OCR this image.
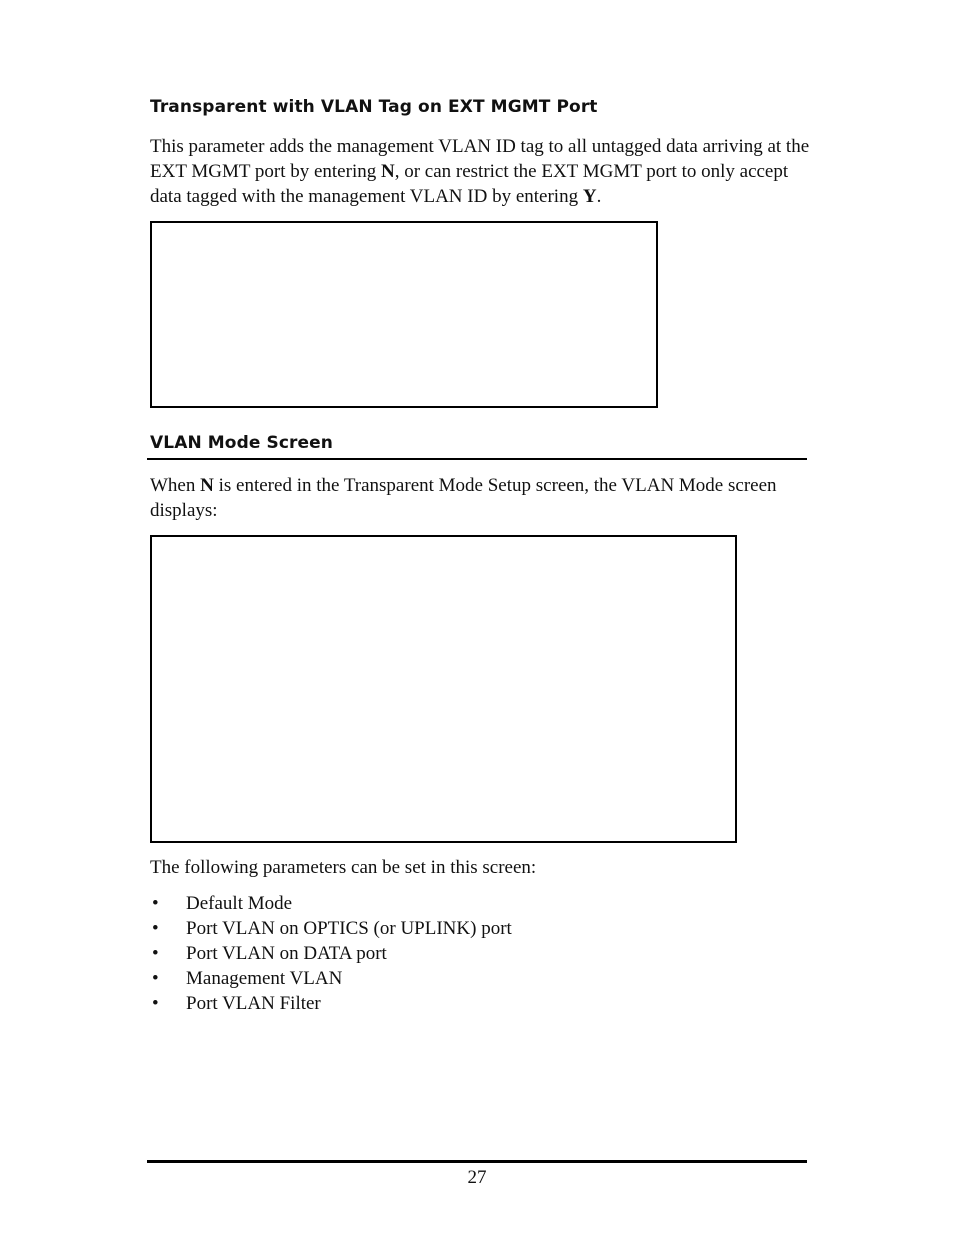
Transparent with VLAN Tag on EXT MGMT Port

This parameter adds the management VLAN ID tag to all untagged data arriving at the EXT MGMT port by entering N, or can restrict the EXT MGMT port to only accept data tagged with the management VLAN ID by entering Y.

VLAN Mode Screen

When N is entered in the Transparent Mode Setup screen, the VLAN Mode screen displays:

The following parameters can be set in this screen:

• Default Mode
• Port VLAN on OPTICS (or UPLINK) port
• Port VLAN on DATA port
• Management VLAN
• Port VLAN Filter
27
